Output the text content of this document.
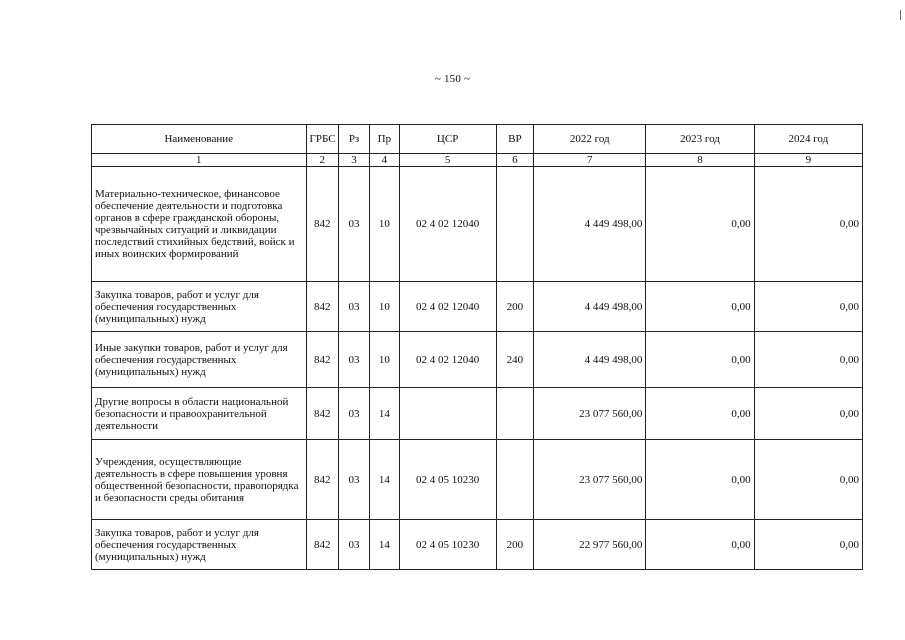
~ 150 ~
Наименование	ГРБС	Рз	Пр	ЦСР	ВР	2022 год	2023 год	2024 год
1	2	3	4	5	6	7	8	9
Материально-техническое, финансовое обеспечение деятельности и подготовка органов в сфере гражданской обороны, чрезвычайных ситуаций и ликвидации последствий стихийных бедствий, войск и иных воинских формирований	842	03	10	02 4 02 12040		4 449 498,00	0,00	0,00
Закупка товаров, работ и услуг для обеспечения государственных (муниципальных) нужд	842	03	10	02 4 02 12040	200	4 449 498,00	0,00	0,00
Иные закупки товаров, работ и услуг для обеспечения государственных (муниципальных) нужд	842	03	10	02 4 02 12040	240	4 449 498,00	0,00	0,00
Другие вопросы в области национальной безопасности и правоохранительной деятельности	842	03	14			23 077 560,00	0,00	0,00
Учреждения, осуществляющие деятельность в сфере повышения уровня общественной безопасности, правопорядка и безопасности среды обитания	842	03	14	02 4 05 10230		23 077 560,00	0,00	0,00
Закупка товаров, работ и услуг для обеспечения государственных (муниципальных) нужд	842	03	14	02 4 05 10230	200	22 977 560,00	0,00	0,00
